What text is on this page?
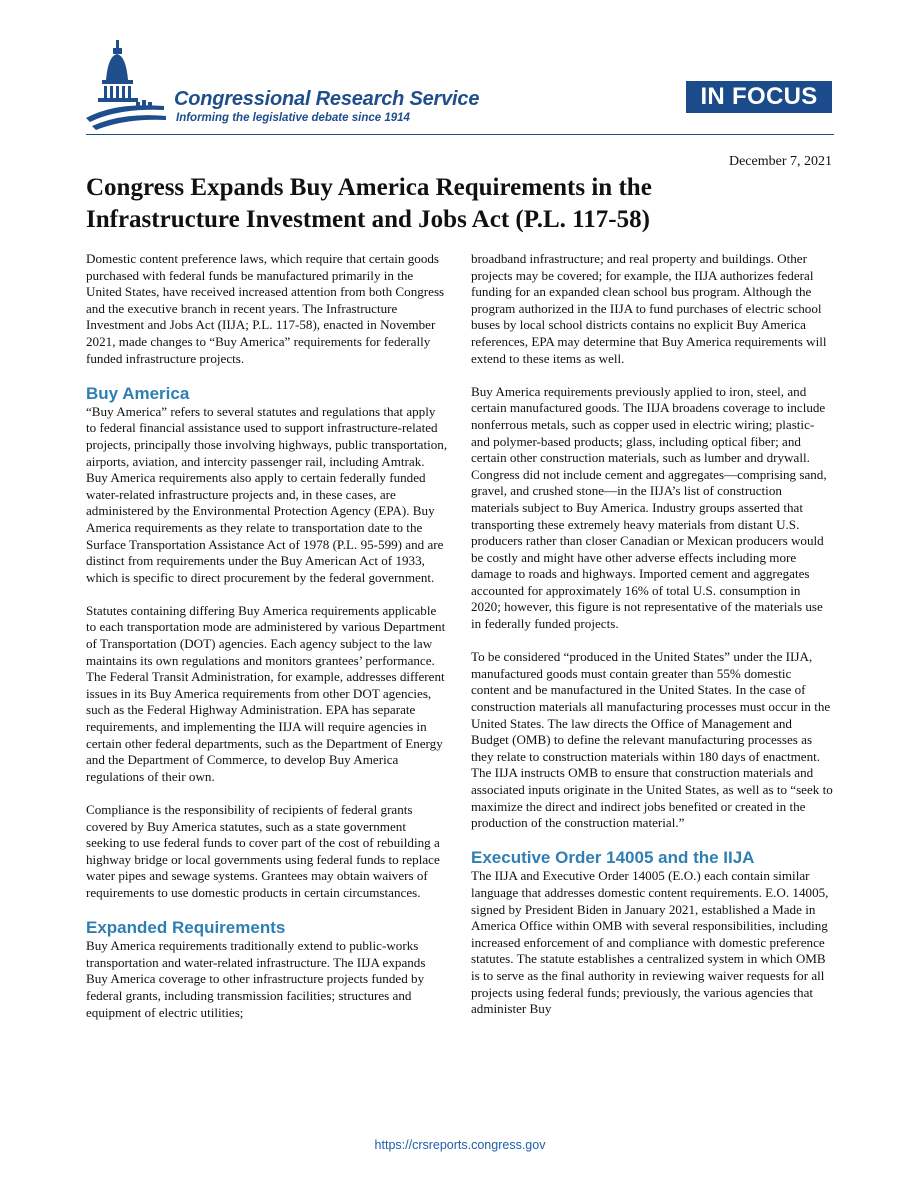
Congressional Research Service
Informing the legislative debate since 1914
IN FOCUS
December 7, 2021
Congress Expands Buy America Requirements in the Infrastructure Investment and Jobs Act (P.L. 117-58)

Domestic content preference laws, which require that certain goods purchased with federal funds be manufactured primarily in the United States, have received increased attention from both Congress and the executive branch in recent years. The Infrastructure Investment and Jobs Act (IIJA; P.L. 117-58), enacted in November 2021, made changes to “Buy America” requirements for federally funded infrastructure projects.

Buy America

“Buy America” refers to several statutes and regulations that apply to federal financial assistance used to support infrastructure-related projects, principally those involving highways, public transportation, airports, aviation, and intercity passenger rail, including Amtrak. Buy America requirements also apply to certain federally funded water-related infrastructure projects and, in these cases, are administered by the Environmental Protection Agency (EPA). Buy America requirements as they relate to transportation date to the Surface Transportation Assistance Act of 1978 (P.L. 95-599) and are distinct from requirements under the Buy American Act of 1933, which is specific to direct procurement by the federal government.

Statutes containing differing Buy America requirements applicable to each transportation mode are administered by various Department of Transportation (DOT) agencies. Each agency subject to the law maintains its own regulations and monitors grantees’ performance. The Federal Transit Administration, for example, addresses different issues in its Buy America requirements from other DOT agencies, such as the Federal Highway Administration. EPA has separate requirements, and implementing the IIJA will require agencies in certain other federal departments, such as the Department of Energy and the Department of Commerce, to develop Buy America regulations of their own.

Compliance is the responsibility of recipients of federal grants covered by Buy America statutes, such as a state government seeking to use federal funds to cover part of the cost of rebuilding a highway bridge or local governments using federal funds to replace water pipes and sewage systems. Grantees may obtain waivers of requirements to use domestic products in certain circumstances.

Expanded Requirements

Buy America requirements traditionally extend to public-works transportation and water-related infrastructure. The IIJA expands Buy America coverage to other infrastructure projects funded by federal grants, including transmission facilities; structures and equipment of electric utilities;

broadband infrastructure; and real property and buildings. Other projects may be covered; for example, the IIJA authorizes federal funding for an expanded clean school bus program. Although the program authorized in the IIJA to fund purchases of electric school buses by local school districts contains no explicit Buy America references, EPA may determine that Buy America requirements will extend to these items as well.

Buy America requirements previously applied to iron, steel, and certain manufactured goods. The IIJA broadens coverage to include nonferrous metals, such as copper used in electric wiring; plastic- and polymer-based products; glass, including optical fiber; and certain other construction materials, such as lumber and drywall. Congress did not include cement and aggregates—comprising sand, gravel, and crushed stone—in the IIJA’s list of construction materials subject to Buy America. Industry groups asserted that transporting these extremely heavy materials from distant U.S. producers rather than closer Canadian or Mexican producers would be costly and might have other adverse effects including more damage to roads and highways. Imported cement and aggregates accounted for approximately 16% of total U.S. consumption in 2020; however, this figure is not representative of the materials use in federally funded projects.

To be considered “produced in the United States” under the IIJA, manufactured goods must contain greater than 55% domestic content and be manufactured in the United States. In the case of construction materials all manufacturing processes must occur in the United States. The law directs the Office of Management and Budget (OMB) to define the relevant manufacturing processes as they relate to construction materials within 180 days of enactment. The IIJA instructs OMB to ensure that construction materials and associated inputs originate in the United States, as well as to “seek to maximize the direct and indirect jobs benefited or created in the production of the construction material.”

Executive Order 14005 and the IIJA

The IIJA and Executive Order 14005 (E.O.) each contain similar language that addresses domestic content requirements. E.O. 14005, signed by President Biden in January 2021, established a Made in America Office within OMB with several responsibilities, including increased enforcement of and compliance with domestic preference statutes. The statute establishes a centralized system in which OMB is to serve as the final authority in reviewing waiver requests for all projects using federal funds; previously, the various agencies that administer Buy

https://crsreports.congress.gov
